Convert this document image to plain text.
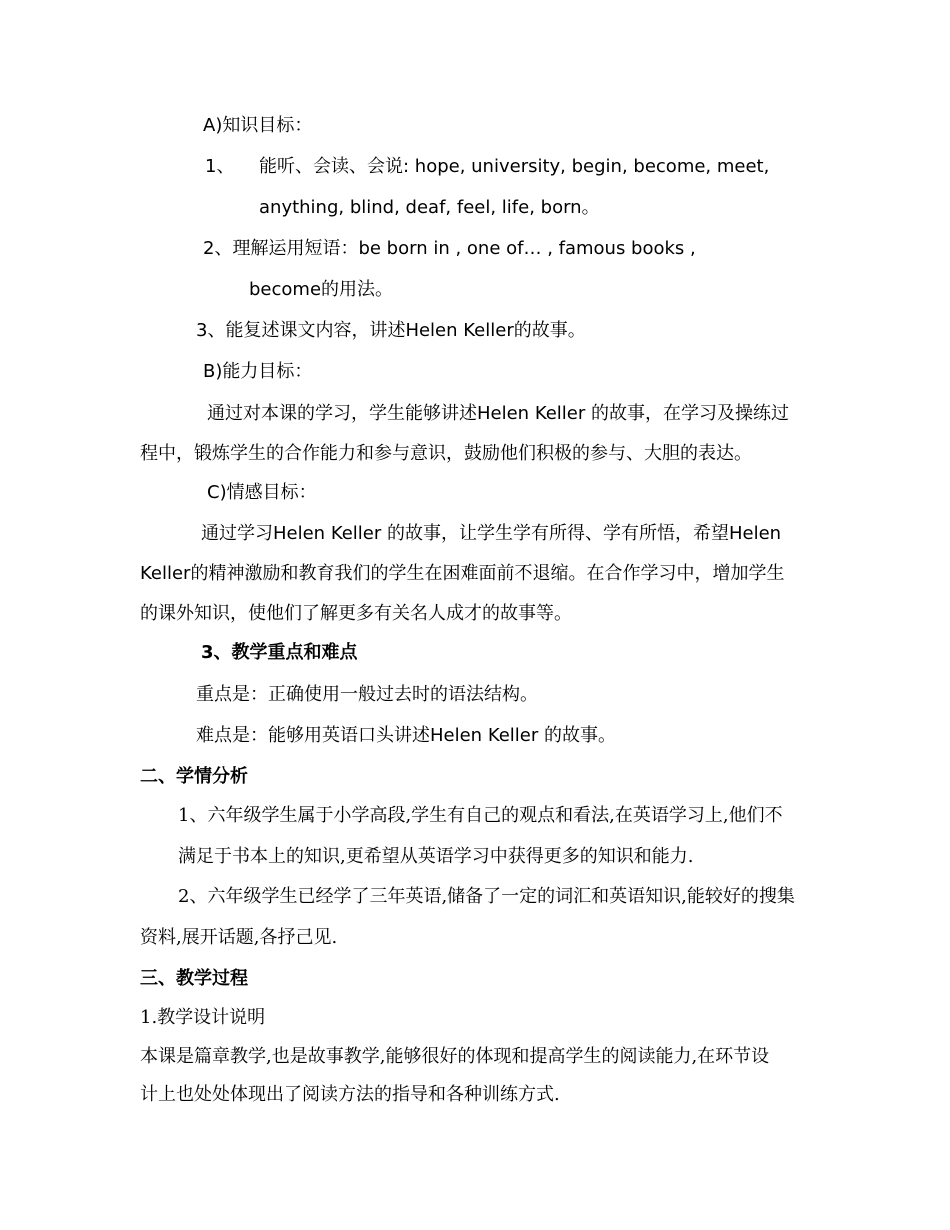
A)知识目标：
1、 能听、会读、会说: hope, university, begin, become, meet,
anything, blind, deaf, feel, life, born。
2、理解运用短语：be born in , one of… , famous books ,
become的用法。
3、能复述课文内容，讲述Helen Keller的故事。
B)能力目标：
通过对本课的学习，学生能够讲述Helen Keller 的故事，在学习及操练过
程中，锻炼学生的合作能力和参与意识，鼓励他们积极的参与、大胆的表达。
C)情感目标：
通过学习Helen Keller 的故事，让学生学有所得、学有所悟，希望Helen
Keller的精神激励和教育我们的学生在困难面前不退缩。在合作学习中，增加学生
的课外知识，使他们了解更多有关名人成才的故事等。
3、教学重点和难点
重点是：正确使用一般过去时的语法结构。
难点是：能够用英语口头讲述Helen Keller 的故事。
二、学情分析
1、六年级学生属于小学高段,学生有自己的观点和看法,在英语学习上,他们不
满足于书本上的知识,更希望从英语学习中获得更多的知识和能力.
2、六年级学生已经学了三年英语,储备了一定的词汇和英语知识,能较好的搜集
资料,展开话题,各抒己见.
三、教学过程
1.教学设计说明
本课是篇章教学,也是故事教学,能够很好的体现和提高学生的阅读能力,在环节设
计上也处处体现出了阅读方法的指导和各种训练方式.
